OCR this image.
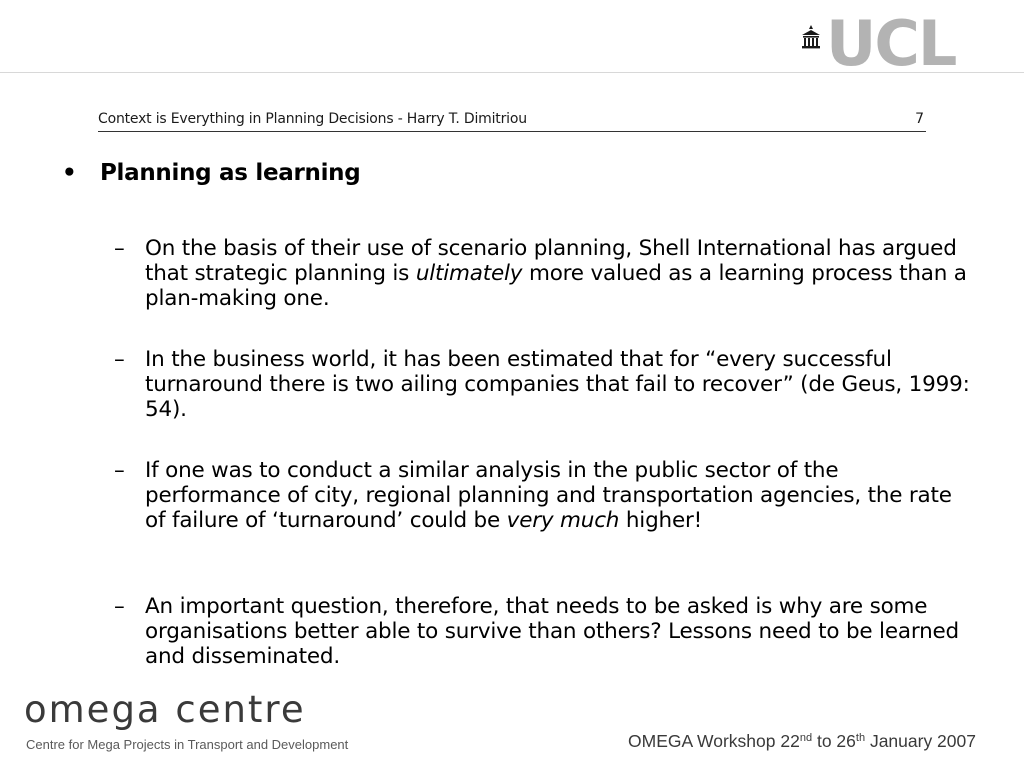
UCL
Context is Everything in Planning Decisions - Harry T. Dimitriou	7
• Planning as learning
– On the basis of their use of scenario planning, Shell International has argued that strategic planning is ultimately more valued as a learning process than a plan-making one.
– In the business world, it has been estimated that for “every successful turnaround there is two ailing companies that fail to recover” (de Geus, 1999: 54).
– If one was to conduct a similar analysis in the public sector of the performance of city, regional planning and transportation agencies, the rate of failure of ‘turnaround’ could be very much higher!
– An important question, therefore, that needs to be asked is why are some organisations better able to survive than others? Lessons need to be learned and disseminated.
omega centre
Centre for Mega Projects in Transport and Development	OMEGA Workshop 22nd to 26th January 2007
